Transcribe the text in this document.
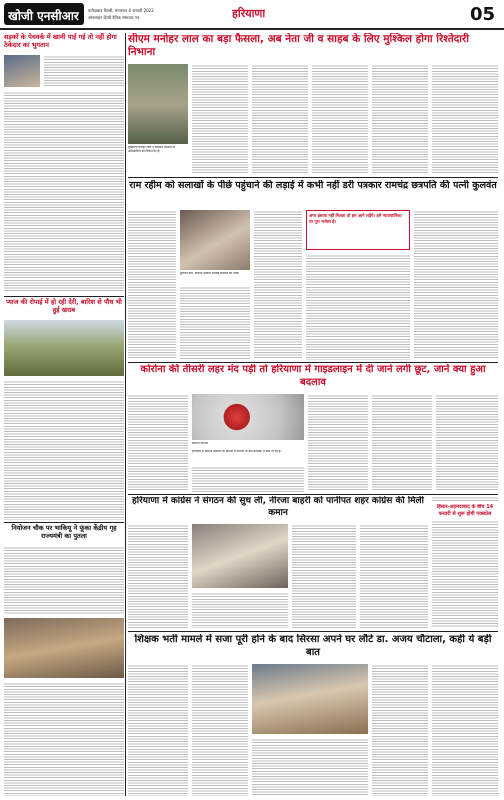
खोजी एनसीआर फरीदाबाद दिल्ली, मंगलवार 4 जनवरी 2022
ऑनलाइन हिन्दी दैनिक समाचार पत्र	हरियाणा	05
सड़कों के पेचवर्क में खामी पाई गई तो नहीं होगा ठेकेदार का भुगतान	सीएम मनोहर लाल का बड़ा फैसला, अब नेता जी व साहब के लिए मुश्किल होगा रिश्तेदारी निभाना
मुख्यमंत्री मनोहर लाल ने संबंधित विभागों के अधिकारियों को निर्देश दिए हैं।
राम रहीम को सलाखों के पीछे पहुंचाने की लड़ाई में कभी नहीं डरी पत्रकार रामचंद्र छत्रपति की पत्नी कुलवंत
कुलवंत कौर, दिवंगत पत्रकार रामचंद्र छत्रपति की पत्नी।
अगर इंसाफ नहीं मिलता तो हम आगे लड़ेंगे। हमें न्यायपालिका पर पूरा भरोसा है।
प्याज की रोपाई में हो रही देरी, बारिश से पौध भी हुई खराब
कोरोना की तीसरी लहर मंद पड़ी तो हरियाणा में गाइडलाइन में दी जाने लगी छूट, जानें क्या हुआ बदलाव
कोरोना वायरस
हरियाणा में कोरोना संक्रमण के मामलों में गिरावट के बाद प्रतिबंधों में ढील दी गई है।
नियोजन चौक पर भाकियू ने फूंका केंद्रीय गृह राज्यमंत्री का पुतला
हरियाणा में कांग्रेस ने संगठन की सुध ली, नीरजा बाहरी को पानीपत शहर कांग्रेस की मिली कमान
हिसार-अहमदाबाद के बीच 14 फरवरी से शुरू होगी एक्सप्रेस
शिक्षक भर्ती मामले में सजा पूरी होने के बाद सिरसा अपने घर लौटे डा. अजय चौटाला, कही ये बड़ी बात
